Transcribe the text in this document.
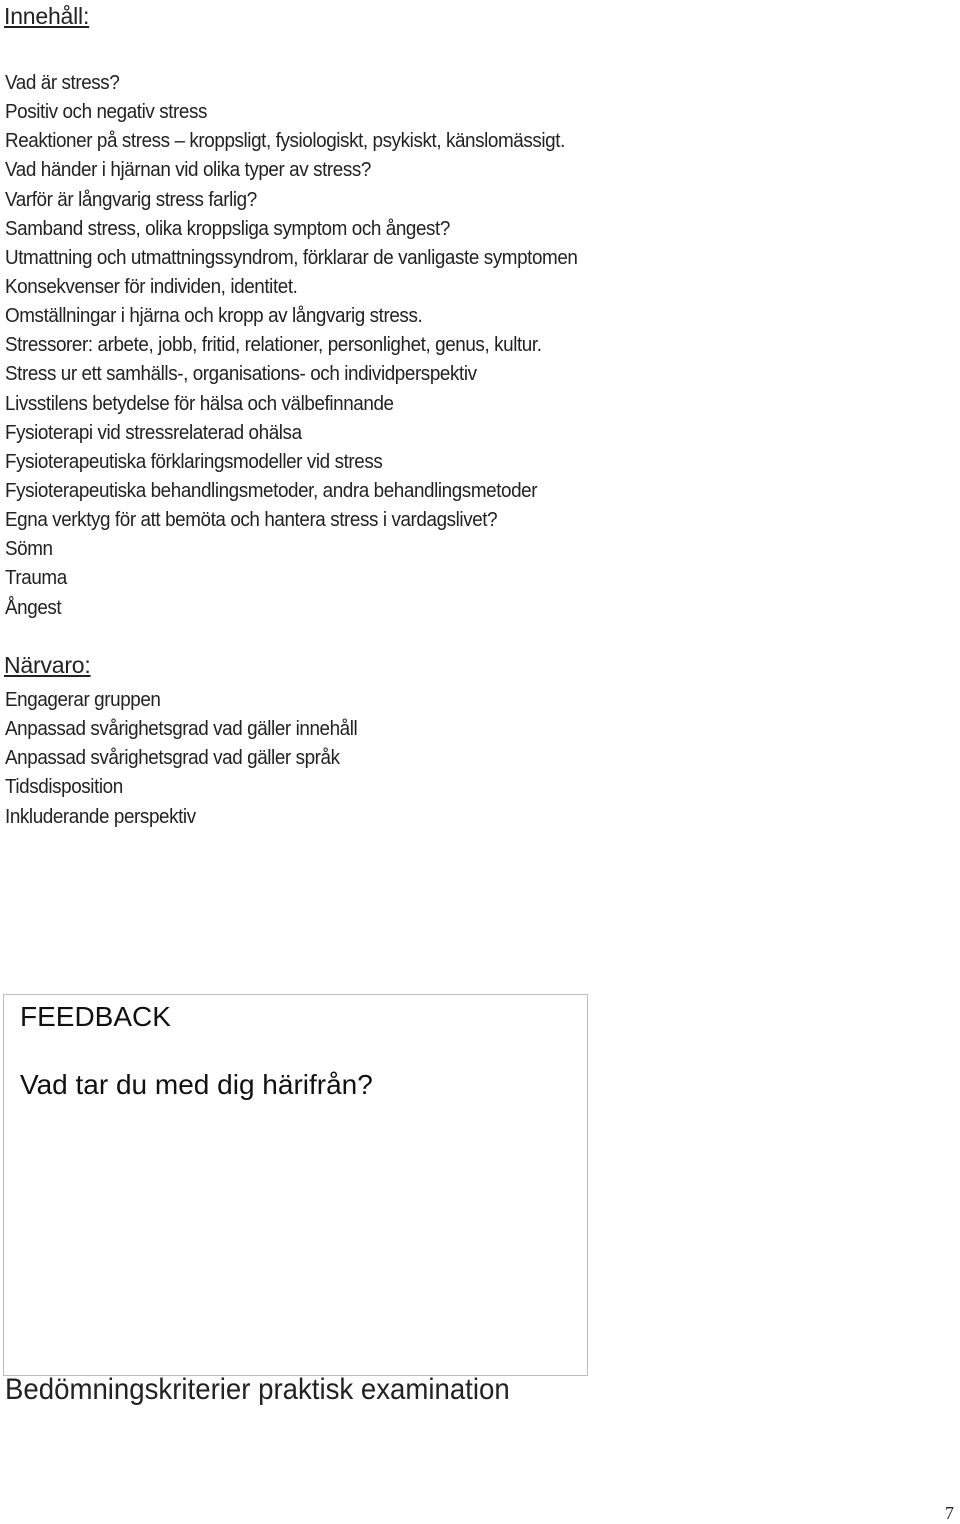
Innehåll:
Vad är stress?
Positiv och negativ stress
Reaktioner på stress – kroppsligt, fysiologiskt, psykiskt, känslomässigt.
Vad händer i hjärnan vid olika typer av stress?
Varför är långvarig stress farlig?
Samband stress, olika kroppsliga symptom och ångest?
Utmattning och utmattningssyndrom, förklarar de vanligaste symptomen
Konsekvenser för individen, identitet.
Omställningar i hjärna och kropp av långvarig stress.
Stressorer: arbete, jobb, fritid, relationer, personlighet, genus, kultur.
Stress ur ett samhälls-, organisations- och individperspektiv
Livsstilens betydelse för hälsa och välbefinnande
Fysioterapi vid stressrelaterad ohälsa
Fysioterapeutiska förklaringsmodeller vid stress
Fysioterapeutiska behandlingsmetoder, andra behandlingsmetoder
Egna verktyg för att bemöta och hantera stress i vardagslivet?
Sömn
Trauma
Ångest
Närvaro:
Engagerar gruppen
Anpassad svårighetsgrad vad gäller innehåll
Anpassad svårighetsgrad vad gäller språk
Tidsdisposition
Inkluderande perspektiv
FEEDBACK
Vad tar du med dig härifrån?
Bedömningskriterier praktisk examination
7
